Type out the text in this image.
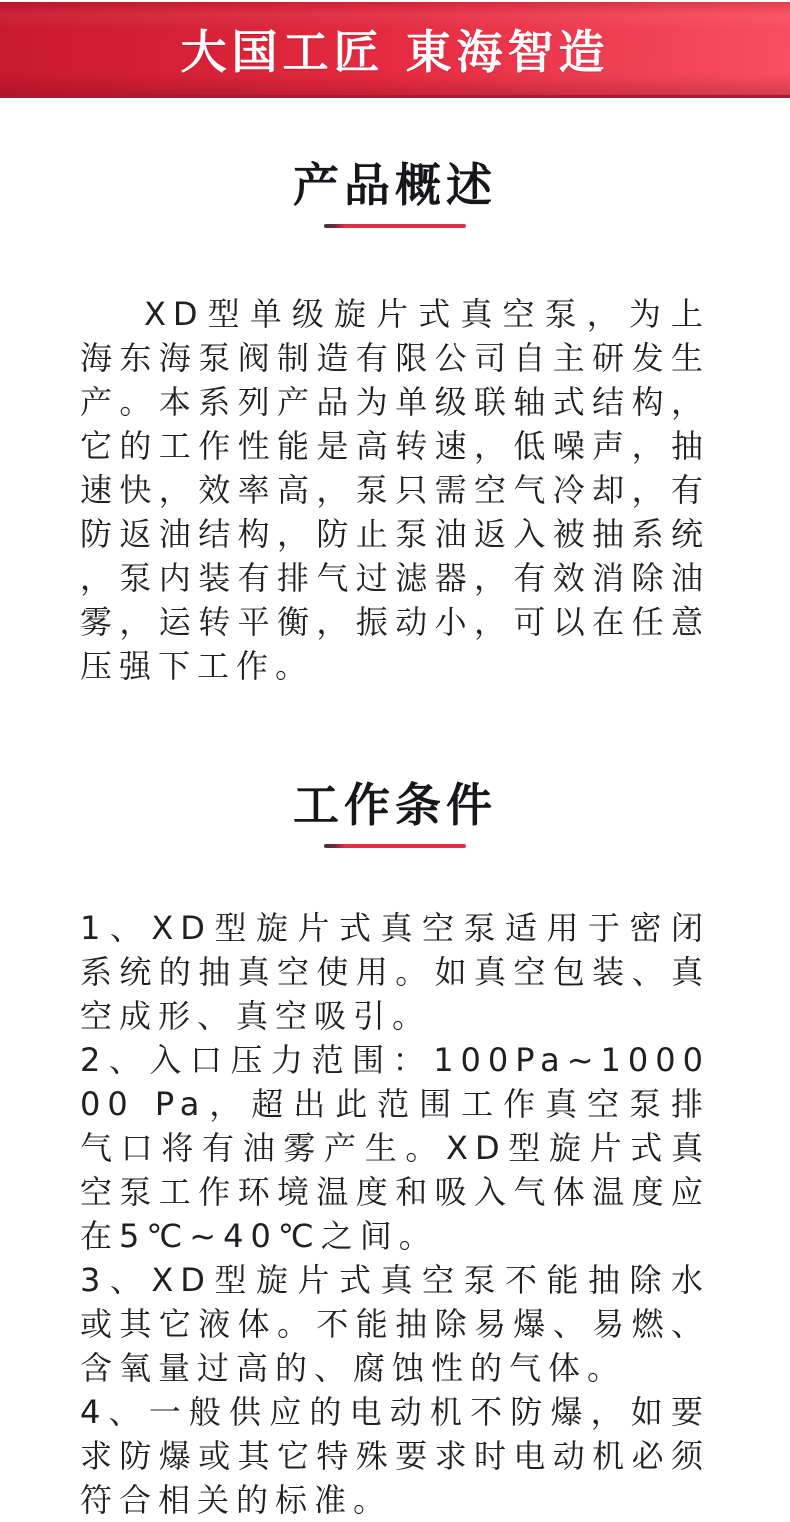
大国工匠 東海智造
产品概述

XD型单级旋片式真空泵，为上海东海泵阀制造有限公司自主研发生产。本系列产品为单级联轴式结构，它的工作性能是高转速，低噪声，抽速快，效率高，泵只需空气冷却，有防返油结构，防止泵油返入被抽系统，泵内装有排气过滤器，有效消除油雾，运转平衡，振动小，可以在任意压强下工作。

工作条件

1、XD型旋片式真空泵适用于密闭系统的抽真空使用。如真空包装、真空成形、真空吸引。

2、入口压力范围：100Pa~100000 Pa，超出此范围工作真空泵排气口将有油雾产生。XD型旋片式真空泵工作环境温度和吸入气体温度应在5℃~40℃之间。

3、XD型旋片式真空泵不能抽除水或其它液体。不能抽除易爆、易燃、含氧量过高的、腐蚀性的气体。

4、一般供应的电动机不防爆，如要求防爆或其它特殊要求时电动机必须符合相关的标准。
